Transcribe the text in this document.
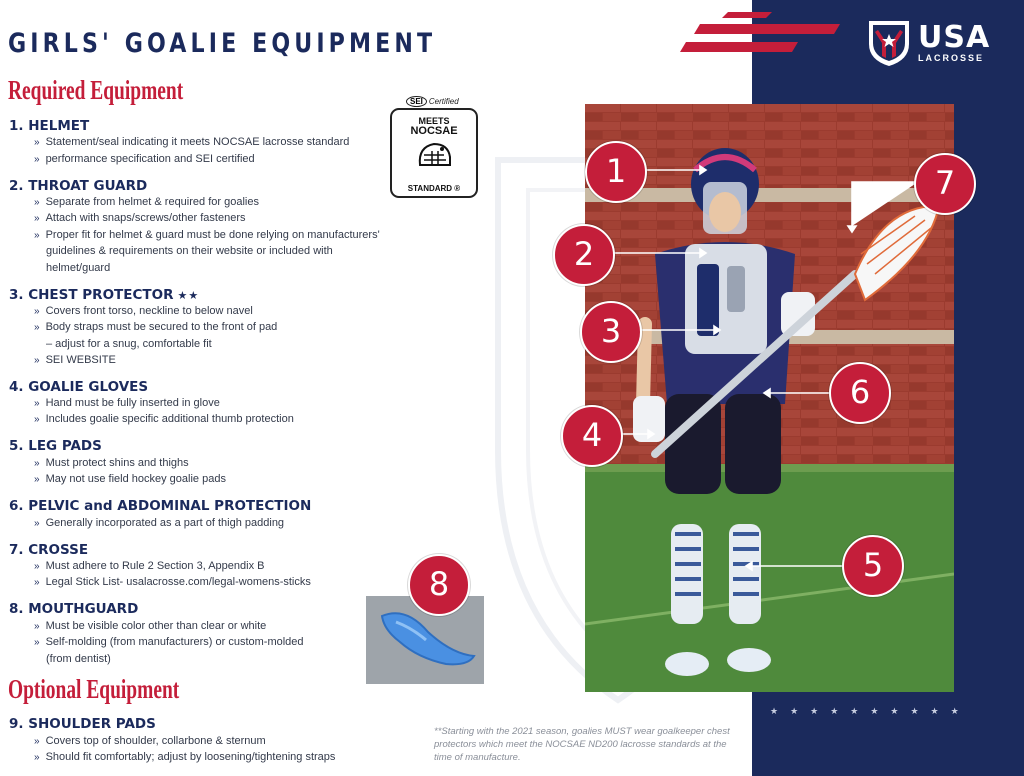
USA
LACROSSE
GIRLS' GOALIE EQUIPMENT
Required Equipment
1. HELMET
» Statement/seal indicating it meets NOCSAE lacrosse standard
» performance specification and SEI certified
2. THROAT GUARD
» Separate from helmet & required for goalies
» Attach with snaps/screws/other fasteners
» Proper fit for helmet & guard must be done relying on manufacturers'
guidelines & requirements on their website or included with
helmet/guard
3. CHEST PROTECTOR ★★
» Covers front torso, neckline to below navel
» Body straps must be secured to the front of pad
– adjust for a snug, comfortable fit
» SEI WEBSITE
4. GOALIE GLOVES
» Hand must be fully inserted in glove
» Includes goalie specific additional thumb protection
5. LEG PADS
» Must protect shins and thighs
» May not use field hockey goalie pads
6. PELVIC and ABDOMINAL PROTECTION
» Generally incorporated as a part of thigh padding
7. CROSSE
» Must adhere to Rule 2 Section 3, Appendix B
» Legal Stick List- usalacrosse.com/legal-womens-sticks
8. MOUTHGUARD
» Must be visible color other than clear or white
» Self-molding (from manufacturers) or custom-molded
(from dentist)
Optional Equipment
9. SHOULDER PADS
» Covers top of shoulder, collarbone & sternum
» Should fit comfortably; adjust by loosening/tightening straps
SEI Certified
MEETS
NOCSAE
STANDARD ®	1
2
3
4
5
6
7
8
**Starting with the 2021 season, goalies MUST wear goalkeeper chest protectors which meet the NOCSAE ND200 lacrosse standards at the time of manufacture.
★★★★★★★★★★
